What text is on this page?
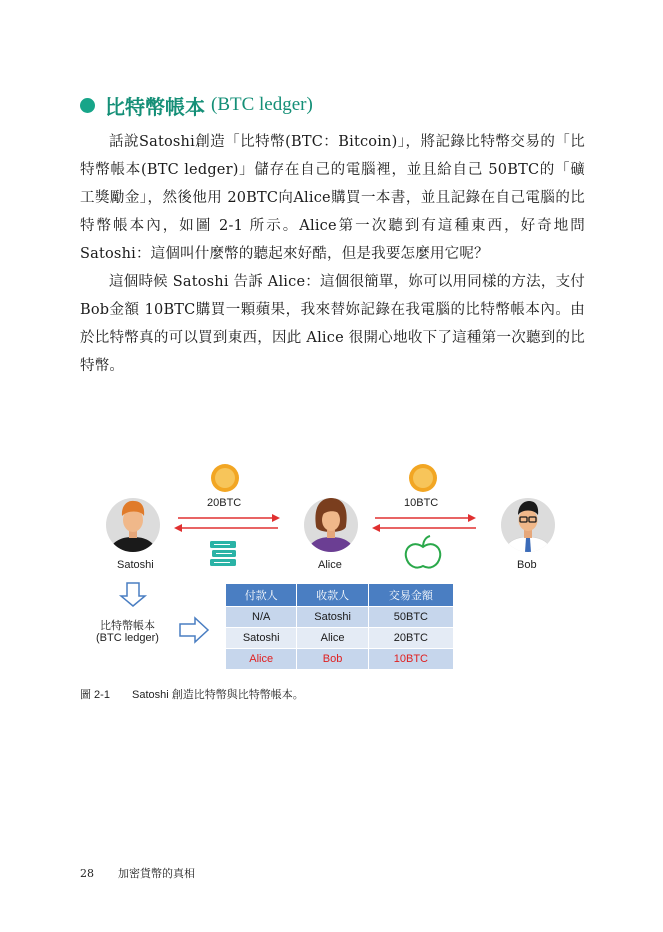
比特幣帳本 (BTC ledger)

話說Satoshi創造「比特幣(BTC：Bitcoin)」，將記錄比特幣交易的「比特幣帳本(BTC ledger)」儲存在自己的電腦裡，並且給自己 50BTC的「礦工獎勵金」，然後他用 20BTC向Alice購買一本書，並且記錄在自己電腦的比特幣帳本內，如圖 2-1 所示。Alice第一次聽到有這種東西，好奇地問Satoshi：這個叫什麼幣的聽起來好酷，但是我要怎麼用它呢？

這個時候 Satoshi 告訴 Alice：這個很簡單，妳可以用同樣的方法，支付Bob金額 10BTC購買一顆蘋果，我來替妳記錄在我電腦的比特幣帳本內。由於比特幣真的可以買到東西，因此 Alice 很開心地收下了這種第一次聽到的比特幣。

20BTC	10BTC
Satoshi	Alice	Bob
比特幣帳本
(BTC ledger)
付款人	收款人	交易金額
N/A	Satoshi	50BTC
Satoshi	Alice	20BTC
Alice	Bob	10BTC
圖 2-1 Satoshi 創造比特幣與比特幣帳本。
28 加密貨幣的真相
